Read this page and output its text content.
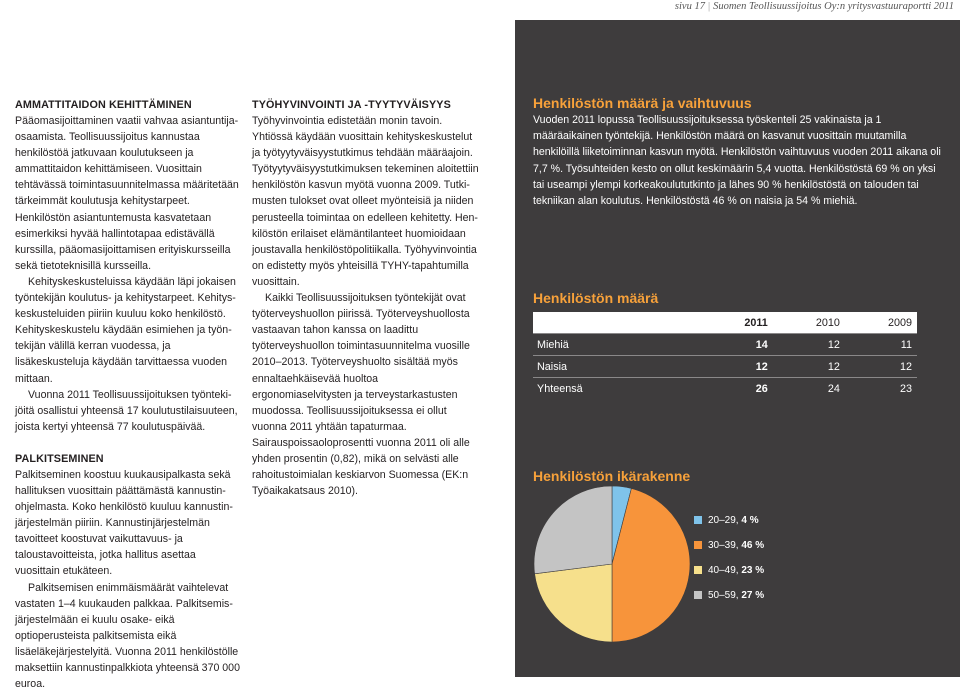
sivu 17 | Suomen Teollisuussijoitus Oy:n yritysvastuuraportti 2011
AMMATTITAIDON KEHITTÄMINEN

Pääomasijoittaminen vaatii vahvaa asiantuntijaosaamista. Teollisuussijoitus kannustaa henkilöstöä jatkuvaan koulutukseen ja ammattitaidon kehittämiseen. Vuosittain tehtävässä toimintasuunnitelmassa määritetään tärkeimmät koulutusja kehitystarpeet. Henkilöstön asiantuntemusta kasvatetaan esimerkiksi hyvää hallintotapaa edistävällä kurssilla, pääomasijoittamisen erityiskursseilla sekä tietoteknisillä kursseilla.

Kehityskeskusteluissa käydään läpi jokaisen työntekijän koulutus- ja kehitystarpeet. Kehityskeskusteluiden piiriin kuuluu koko henkilöstö. Kehityskeskustelu käydään esimiehen ja työntekijän välillä kerran vuodessa, ja lisäkeskusteluja käydään tarvittaessa vuoden mittaan.

Vuonna 2011 Teollisuussijoituksen työntekijöitä osallistui yhteensä 17 koulutustilaisuuteen, joista kertyi yhteensä 77 koulutuspäivää.

PALKITSEMINEN

Palkitseminen koostuu kuukausipalkasta sekä hallituksen vuosittain päättämästä kannustinohjelmasta. Koko henkilöstö kuuluu kannustinjärjestelmän piiriin. Kannustinjärjestelmän tavoitteet koostuvat vaikuttavuus- ja taloustavoitteista, jotka hallitus asettaa vuosittain etukäteen.

Palkitsemisen enimmäismäärät vaihtelevat vastaten 1–4 kuukauden palkkaa. Palkitsemisjärjestelmään ei kuulu osake- eikä optioperusteista palkitsemista eikä lisäeläkejärjestelyitä. Vuonna 2011 henkilöstölle maksettiin kannustinpalkkiota yhteensä 370 000 euroa.

TYÖHYVINVOINTI JA -TYYTYVÄISYYS

Työhyvinvointia edistetään monin tavoin. Yhtiössä käydään vuosittain kehityskeskustelut ja työtyytyväisyystutkimus tehdään määräajoin. Työtyytyväisyystutkimuksen tekeminen aloitettiin henkilöstön kasvun myötä vuonna 2009. Tutkimusten tulokset ovat olleet myönteisiä ja niiden perusteella toimintaa on edelleen kehitetty. Henkilöstön erilaiset elämäntilanteet huomioidaan joustavalla henkilöstöpolitiikalla. Työhyvinvointia on edistetty myös yhteisillä TYHY-tapahtumilla vuosittain.

Kaikki Teollisuussijoituksen työntekijät ovat työterveyshuollon piirissä. Työterveyshuollosta vastaavan tahon kanssa on laadittu työterveyshuollon toimintasuunnitelma vuosille 2010–2013. Työterveyshuolto sisältää myös ennaltaehkäisevää huoltoa ergonomiaselvitysten ja terveystarkastusten muodossa. Teollisuussijoituksessa ei ollut vuonna 2011 yhtään tapaturmaa. Sairauspoissaoloprosentti vuonna 2011 oli alle yhden prosentin (0,82), mikä on selvästi alle rahoitustoimialan keskiarvon Suomessa (EK:n Työaikakatsaus 2010).

Henkilöstön määrä ja vaihtuvuus

Vuoden 2011 lopussa Teollisuussijoituksessa työskenteli 25 vakinaista ja 1 määräaikainen työntekijä. Henkilöstön määrä on kasvanut vuosittain muutamilla henkilöillä liiketoiminnan kasvun myötä. Henkilöstön vaihtuvuus vuoden 2011 aikana oli 7,7 %. Työsuhteiden kesto on ollut keskimäärin 5,4 vuotta. Henkilöstöstä 69 % on yksi tai useampi ylempi korkeakoulututkinto ja lähes 90 % henkilöstöstä on talouden tai tekniikan alan koulutus. Henkilöstöstä 46 % on naisia ja 54 % miehiä.

Henkilöstön määrä
	2011	2010	2009
Miehiä	14	12	11
Naisia	12	12	12
Yhteensä	26	24	23
Henkilöstön ikärakenne
20–29, 4 %
30–39, 46 %
40–49, 23 %
50–59, 27 %
